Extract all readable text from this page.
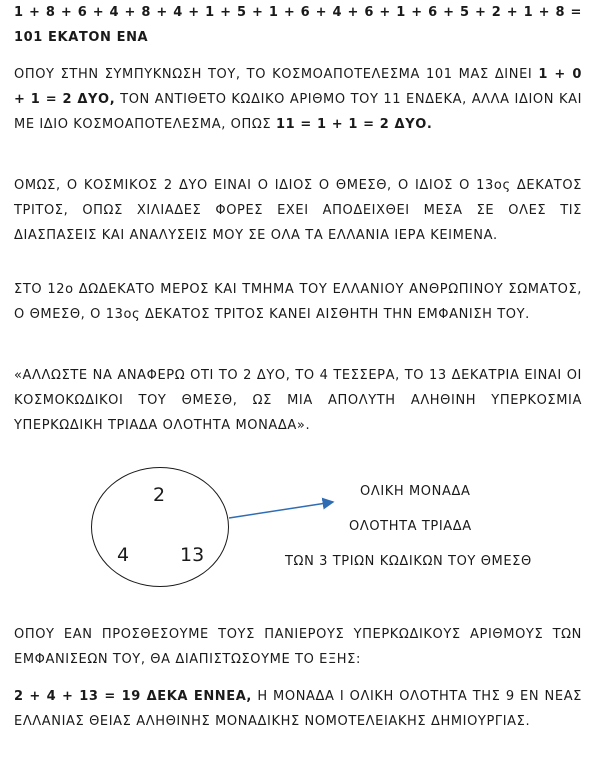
1 + 8 + 6 + 4 + 8 + 4 + 1 + 5 + 1 + 6 + 4 + 6 + 1 + 6 + 5 + 2 + 1 + 8 = 101 ΕΚΑΤΟΝ ΕΝΑ

ΟΠΟΥ ΣΤΗΝ ΣΥΜΠΥΚΝΩΣΗ ΤΟΥ, ΤΟ ΚΟΣΜΟΑΠΟΤΕΛΕΣΜΑ 101 ΜΑΣ ΔΙΝΕΙ 1 + 0 + 1 = 2 ΔΥΟ, ΤΟΝ ΑΝΤΙΘΕΤΟ ΚΩΔΙΚΟ ΑΡΙΘΜΟ ΤΟΥ 11 ΕΝΔΕΚΑ, ΑΛΛΑ ΙΔΙΟΝ ΚΑΙ ΜΕ ΙΔΙΟ ΚΟΣΜΟΑΠΟΤΕΛΕΣΜΑ, ΟΠΩΣ 11 = 1 + 1 = 2 ΔΥΟ.

ΟΜΩΣ, Ο ΚΟΣΜΙΚΟΣ 2 ΔΥΟ ΕΙΝΑΙ Ο ΙΔΙΟΣ Ο ΘΜΕΣΘ, Ο ΙΔΙΟΣ Ο 13ος ΔΕΚΑΤΟΣ ΤΡΙΤΟΣ, ΟΠΩΣ ΧΙΛΙΑΔΕΣ ΦΟΡΕΣ ΕΧΕΙ ΑΠΟΔΕΙΧΘΕΙ ΜΕΣΑ ΣΕ ΟΛΕΣ ΤΙΣ ΔΙΑΣΠΑΣΕΙΣ ΚΑΙ ΑΝΑΛΥΣΕΙΣ ΜΟΥ ΣΕ ΟΛΑ ΤΑ ΕΛΛΑΝΙΑ ΙΕΡΑ ΚΕΙΜΕΝΑ.

ΣΤΟ 12ο ΔΩΔΕΚΑΤΟ ΜΕΡΟΣ ΚΑΙ ΤΜΗΜΑ ΤΟΥ ΕΛΛΑΝΙΟΥ ΑΝΘΡΩΠΙΝΟΥ ΣΩΜΑΤΟΣ, Ο ΘΜΕΣΘ, Ο 13ος ΔΕΚΑΤΟΣ ΤΡΙΤΟΣ ΚΑΝΕΙ ΑΙΣΘΗΤΗ ΤΗΝ ΕΜΦΑΝΙΣΗ ΤΟΥ.

«ΑΛΛΩΣΤΕ ΝΑ ΑΝΑΦΕΡΩ ΟΤΙ ΤΟ 2 ΔΥΟ, ΤΟ 4 ΤΕΣΣΕΡΑ, ΤΟ 13 ΔΕΚΑΤΡΙΑ ΕΙΝΑΙ ΟΙ ΚΟΣΜΟΚΩΔΙΚΟΙ ΤΟΥ ΘΜΕΣΘ, ΩΣ ΜΙΑ ΑΠΟΛΥΤΗ ΑΛΗΘΙΝΗ ΥΠΕΡΚΟΣΜΙΑ ΥΠΕΡΚΩΔΙΚΗ ΤΡΙΑΔΑ ΟΛΟΤΗΤΑ ΜΟΝΑΔΑ».

2
4	13
ΟΛΙΚΗ ΜΟΝΑΔΑ
ΟΛΟΤΗΤΑ ΤΡΙΑΔΑ
ΤΩΝ 3 ΤΡΙΩΝ ΚΩΔΙΚΩΝ ΤΟΥ ΘΜΕΣΘ

ΟΠΟΥ ΕΑΝ ΠΡΟΣΘΕΣΟΥΜΕ ΤΟΥΣ ΠΑΝΙΕΡΟΥΣ ΥΠΕΡΚΩΔΙΚΟΥΣ ΑΡΙΘΜΟΥΣ ΤΩΝ ΕΜΦΑΝΙΣΕΩΝ ΤΟΥ, ΘΑ ΔΙΑΠΙΣΤΩΣΟΥΜΕ ΤΟ ΕΞΗΣ:

2 + 4 + 13 = 19 ΔΕΚΑ ΕΝΝΕΑ, Η ΜΟΝΑΔΑ Ι ΟΛΙΚΗ ΟΛΟΤΗΤΑ ΤΗΣ 9 ΕΝ ΝΕΑΣ ΕΛΛΑΝΙΑΣ ΘΕΙΑΣ ΑΛΗΘΙΝΗΣ ΜΟΝΑΔΙΚΗΣ ΝΟΜΟΤΕΛΕΙΑΚΗΣ ΔΗΜΙΟΥΡΓΙΑΣ.
